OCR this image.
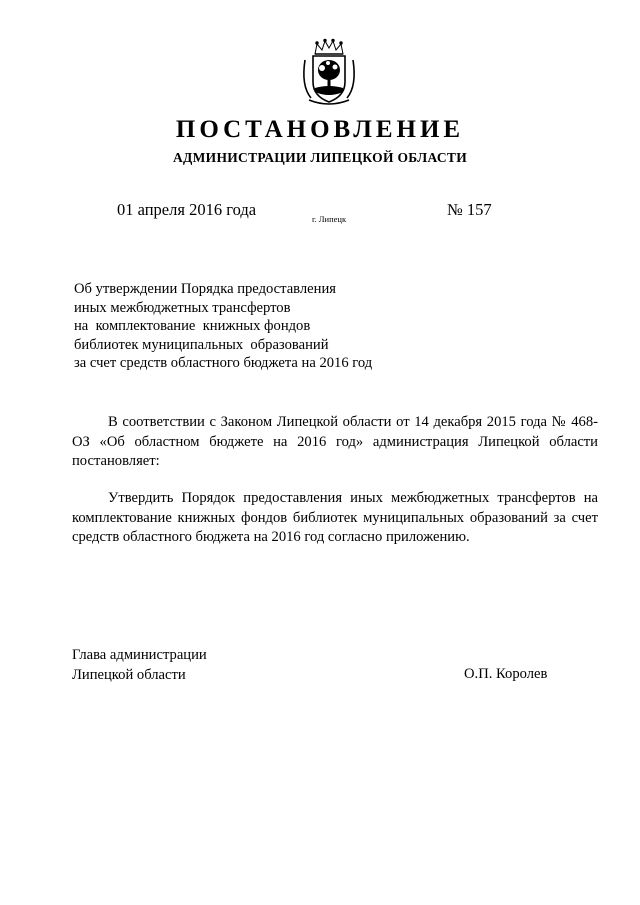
ПОСТАНОВЛЕНИЕ
АДМИНИСТРАЦИИ ЛИПЕЦКОЙ ОБЛАСТИ
01 апреля 2016 года	г. Липецк	№ 157
Об утверждении Порядка предоставления
иных межбюджетных трансфертов
на  комплектование  книжных фондов
библиотек муниципальных  образований
за счет средств областного бюджета на 2016 год
В соответствии с Законом Липецкой области от 14 декабря 2015 года № 468-ОЗ «Об областном бюджете на 2016 год» администрация Липецкой области постановляет:
Утвердить Порядок предоставления иных межбюджетных трансфертов на комплектование книжных фондов библиотек муниципальных образований за счет средств областного бюджета на 2016 год согласно приложению.
Глава администрации
Липецкой области	О.П. Королев
